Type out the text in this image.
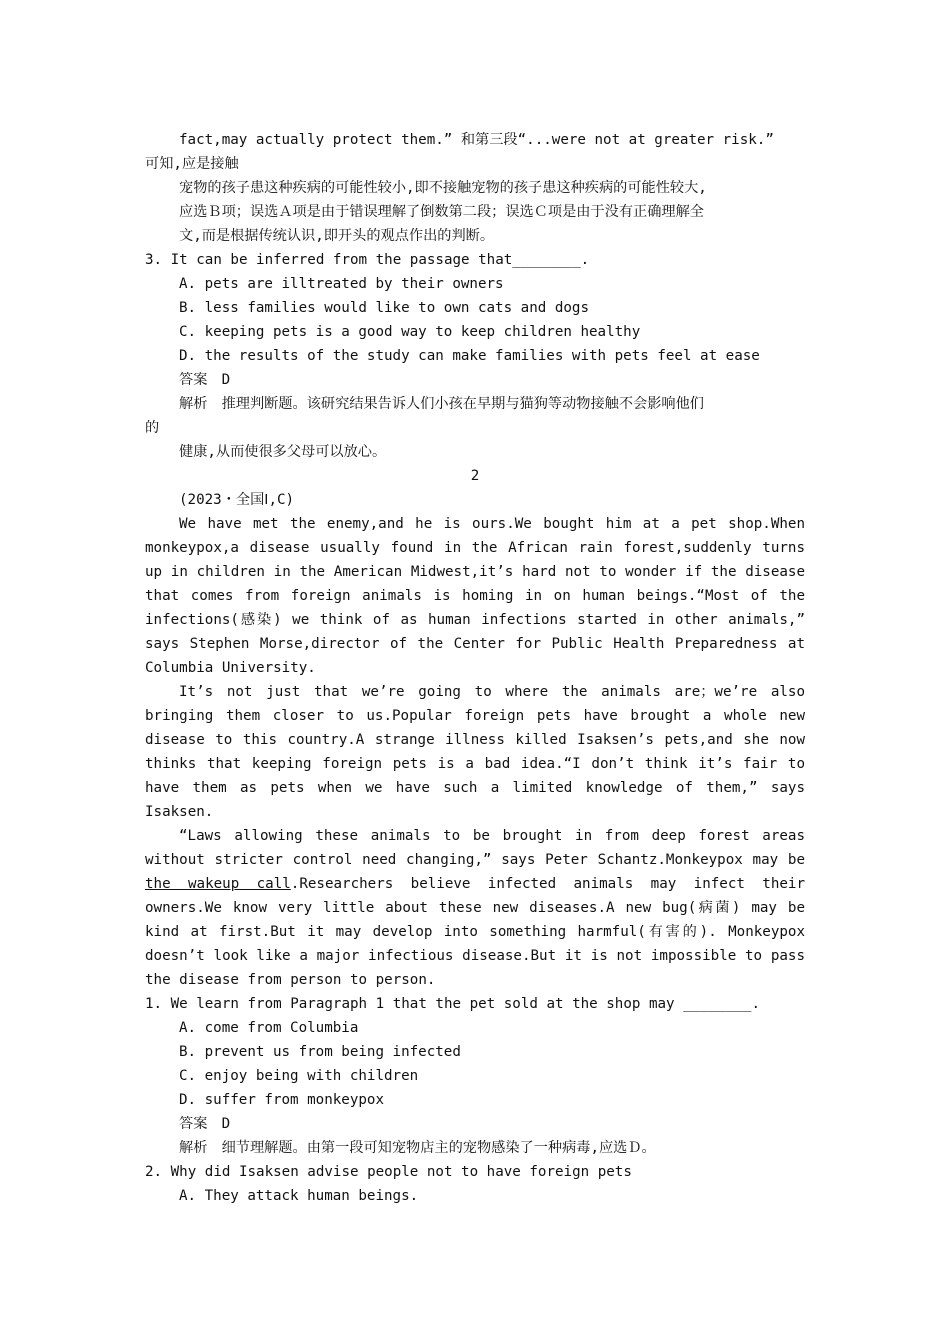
fact,may actually protect them.” 和第三段“...were not at greater risk.”
可知,应是接触
宠物的孩子患这种疾病的可能性较小,即不接触宠物的孩子患这种疾病的可能性较大,
应选Ｂ项；误选Ａ项是由于错误理解了倒数第二段；误选Ｃ项是由于没有正确理解全
文,而是根据传统认识,即开头的观点作出的判断。
3. It can be inferred from the passage that________.
A. pets are illtreated by their owners
B. less families would like to own cats and dogs
C. keeping pets is a good way to keep children healthy
D. the results of the study can make families with pets feel at ease
答案　D
解析　推理判断题。该研究结果告诉人们小孩在早期与猫狗等动物接触不会影响他们
的
健康,从而使很多父母可以放心。
2
(2023・全国Ⅰ,C)

We have met the enemy,and he is ours.We bought him at a pet shop.When monkeypox,a disease usually found in the African rain forest,suddenly turns up in children in the American Midwest,it’s hard not to wonder if the disease that comes from foreign animals is homing in on human beings.“Most of the infections(感染) we think of as human infections started in other animals,” says Stephen Morse,director of the Center for Public Health Preparedness at Columbia University.

It’s not just that we’re going to where the animals are；we’re also bringing them closer to us.Popular foreign pets have brought a whole new disease to this country.A strange illness killed Isaksen’s pets,and she now thinks that keeping foreign pets is a bad idea.“I don’t think it’s fair to have them as pets when we have such a limited knowledge of them,” says Isaksen.

“Laws allowing these animals to be brought in from deep forest areas without stricter control need changing,” says Peter Schantz.Monkeypox may be the wakeup call.Researchers believe infected animals may infect their owners.We know very little about these new diseases.A new bug(病菌) may be kind at first.But it may develop into something harmful(有害的). Monkeypox doesn’t look like a major infectious disease.But it is not impossible to pass the disease from person to person.

1. We learn from Paragraph 1 that the pet sold at the shop may ________.
A. come from Columbia
B. prevent us from being infected
C. enjoy being with children
D. suffer from monkeypox
答案　D
解析　细节理解题。由第一段可知宠物店主的宠物感染了一种病毒,应选Ｄ。
2. Why did Isaksen advise people not to have foreign pets
A. They attack human beings.
